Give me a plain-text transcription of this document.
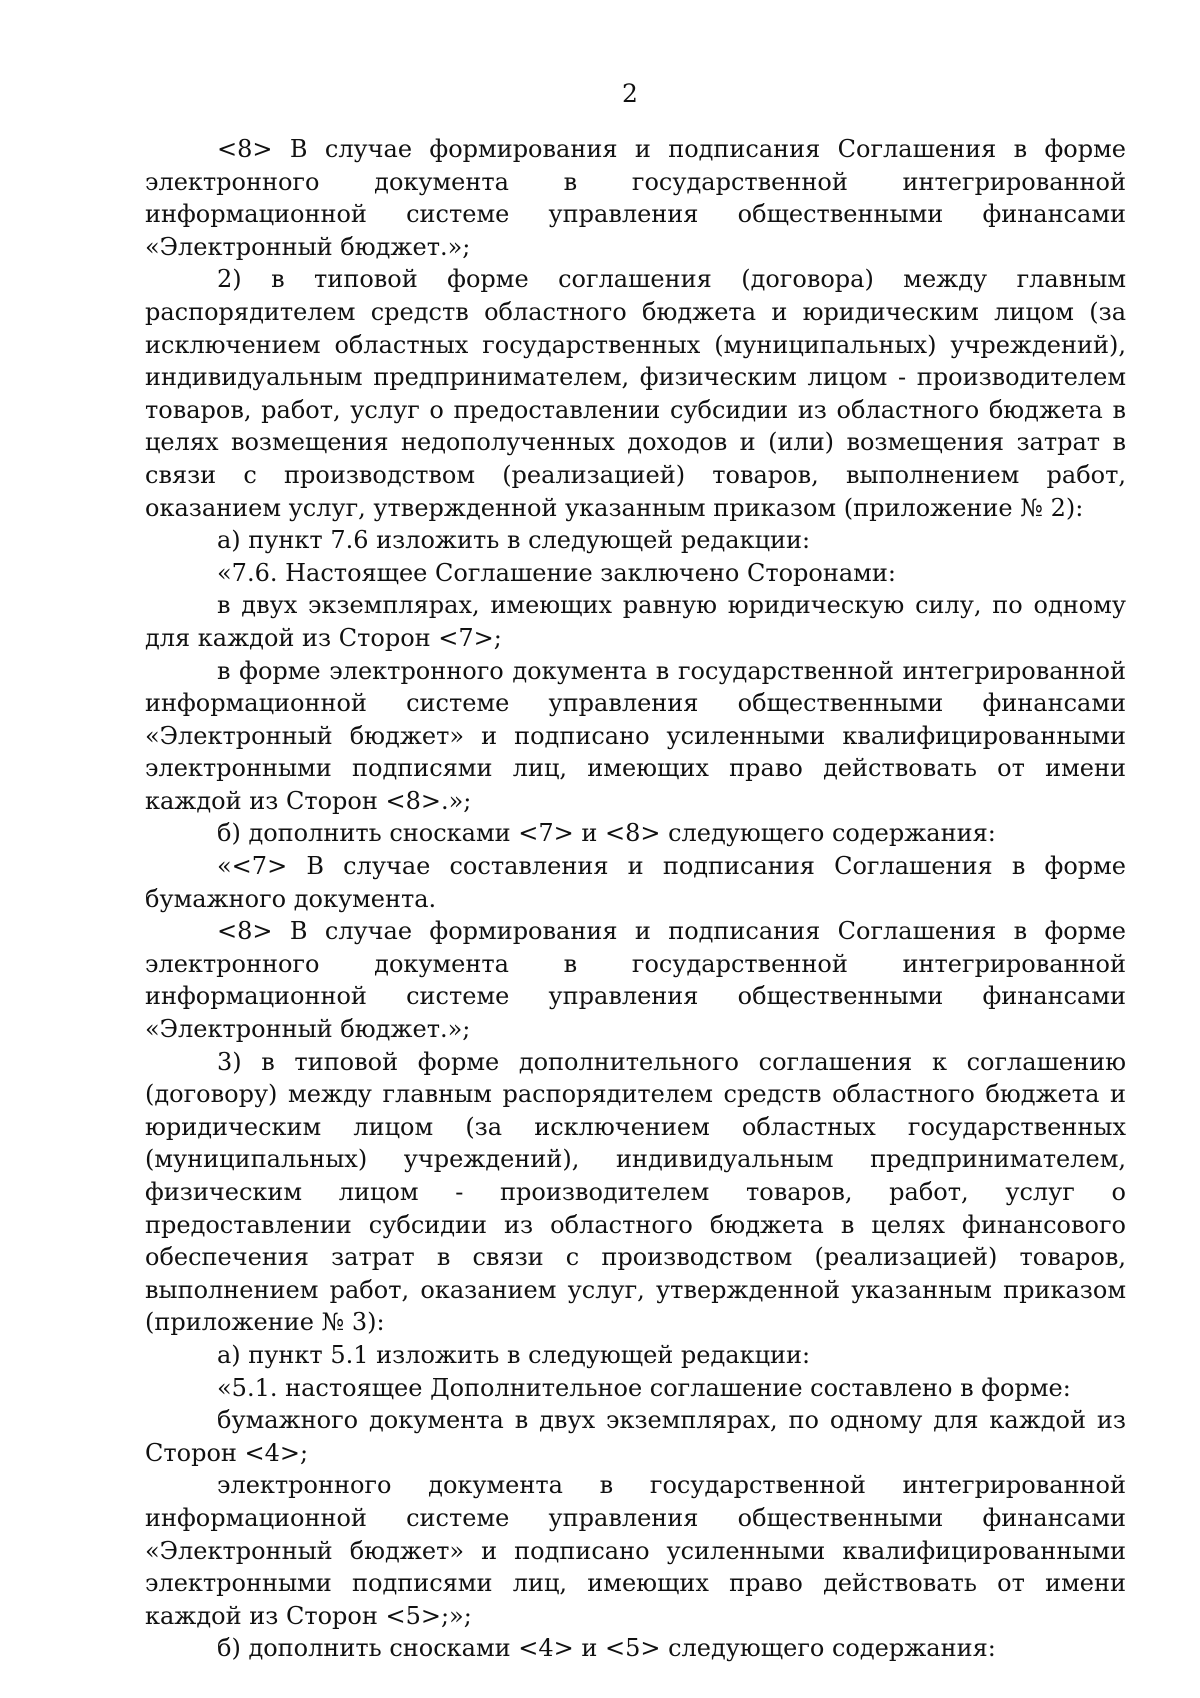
2

<8> В случае формирования и подписания Соглашения в форме электронного документа в государственной интегрированной информационной системе управления общественными финансами «Электронный бюджет.»;

2) в типовой форме соглашения (договора) между главным распорядителем средств областного бюджета и юридическим лицом (за исключением областных государственных (муниципальных) учреждений), индивидуальным предпринимателем, физическим лицом - производителем товаров, работ, услуг о предоставлении субсидии из областного бюджета в целях возмещения недополученных доходов и (или) возмещения затрат в связи с производством (реализацией) товаров, выполнением работ, оказанием услуг, утвержденной указанным приказом (приложение № 2):

а) пункт 7.6 изложить в следующей редакции:

«7.6. Настоящее Соглашение заключено Сторонами:

в двух экземплярах, имеющих равную юридическую силу, по одному для каждой из Сторон <7>;

в форме электронного документа в государственной интегрированной информационной системе управления общественными финансами «Электронный бюджет» и подписано усиленными квалифицированными электронными подписями лиц, имеющих право действовать от имени каждой из Сторон <8>.»;

б) дополнить сносками <7> и <8> следующего содержания:

«<7> В случае составления и подписания Соглашения в форме бумажного документа.

<8> В случае формирования и подписания Соглашения в форме электронного документа в государственной интегрированной информационной системе управления общественными финансами «Электронный бюджет.»;

3) в типовой форме дополнительного соглашения к соглашению (договору) между главным распорядителем средств областного бюджета и юридическим лицом (за исключением областных государственных (муниципальных) учреждений), индивидуальным предпринимателем, физическим лицом - производителем товаров, работ, услуг о предоставлении субсидии из областного бюджета в целях финансового обеспечения затрат в связи с производством (реализацией) товаров, выполнением работ, оказанием услуг, утвержденной указанным приказом (приложение № 3):

а) пункт 5.1 изложить в следующей редакции:

«5.1. настоящее Дополнительное соглашение составлено в форме:

бумажного документа в двух экземплярах, по одному для каждой из Сторон <4>;

электронного документа в государственной интегрированной информационной системе управления общественными финансами «Электронный бюджет» и подписано усиленными квалифицированными электронными подписями лиц, имеющих право действовать от имени каждой из Сторон <5>;»;

б) дополнить сносками <4> и <5> следующего содержания:
